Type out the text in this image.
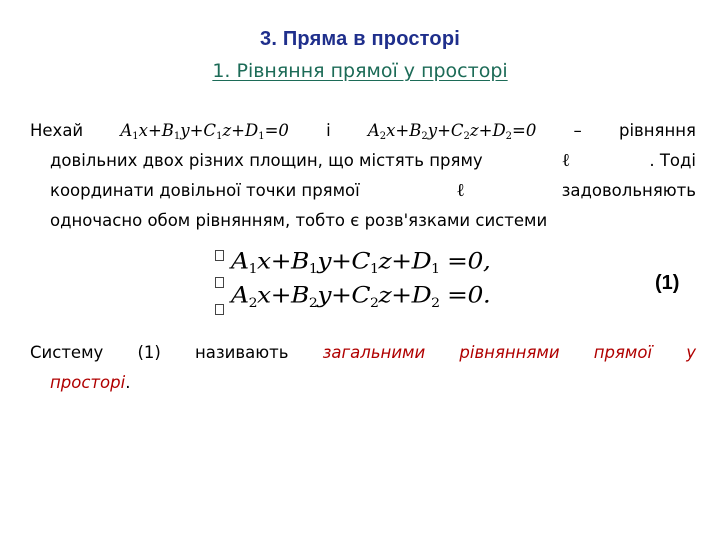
3. Пряма в просторі
1. Рівняння прямої у просторі
Нехай $A_1x+B_1y+C_1z+D_1=0$ і $A_2x+B_2y+C_2z+D_2=0$ – рівняння
довільних двох різних площин, що містять пряму	ℓ	. Тоді
координати довільної точки прямої	ℓ	задовольняють
одночасно обом рівнянням, тобто є розв'язками системи
$A_1x+B_1y+C_1z+D_1 =0$,
$A_2x+B_2y+C_2z+D_2 =0$.	(1)
Систему (1) називають загальними рівняннями прямої у
просторі.
